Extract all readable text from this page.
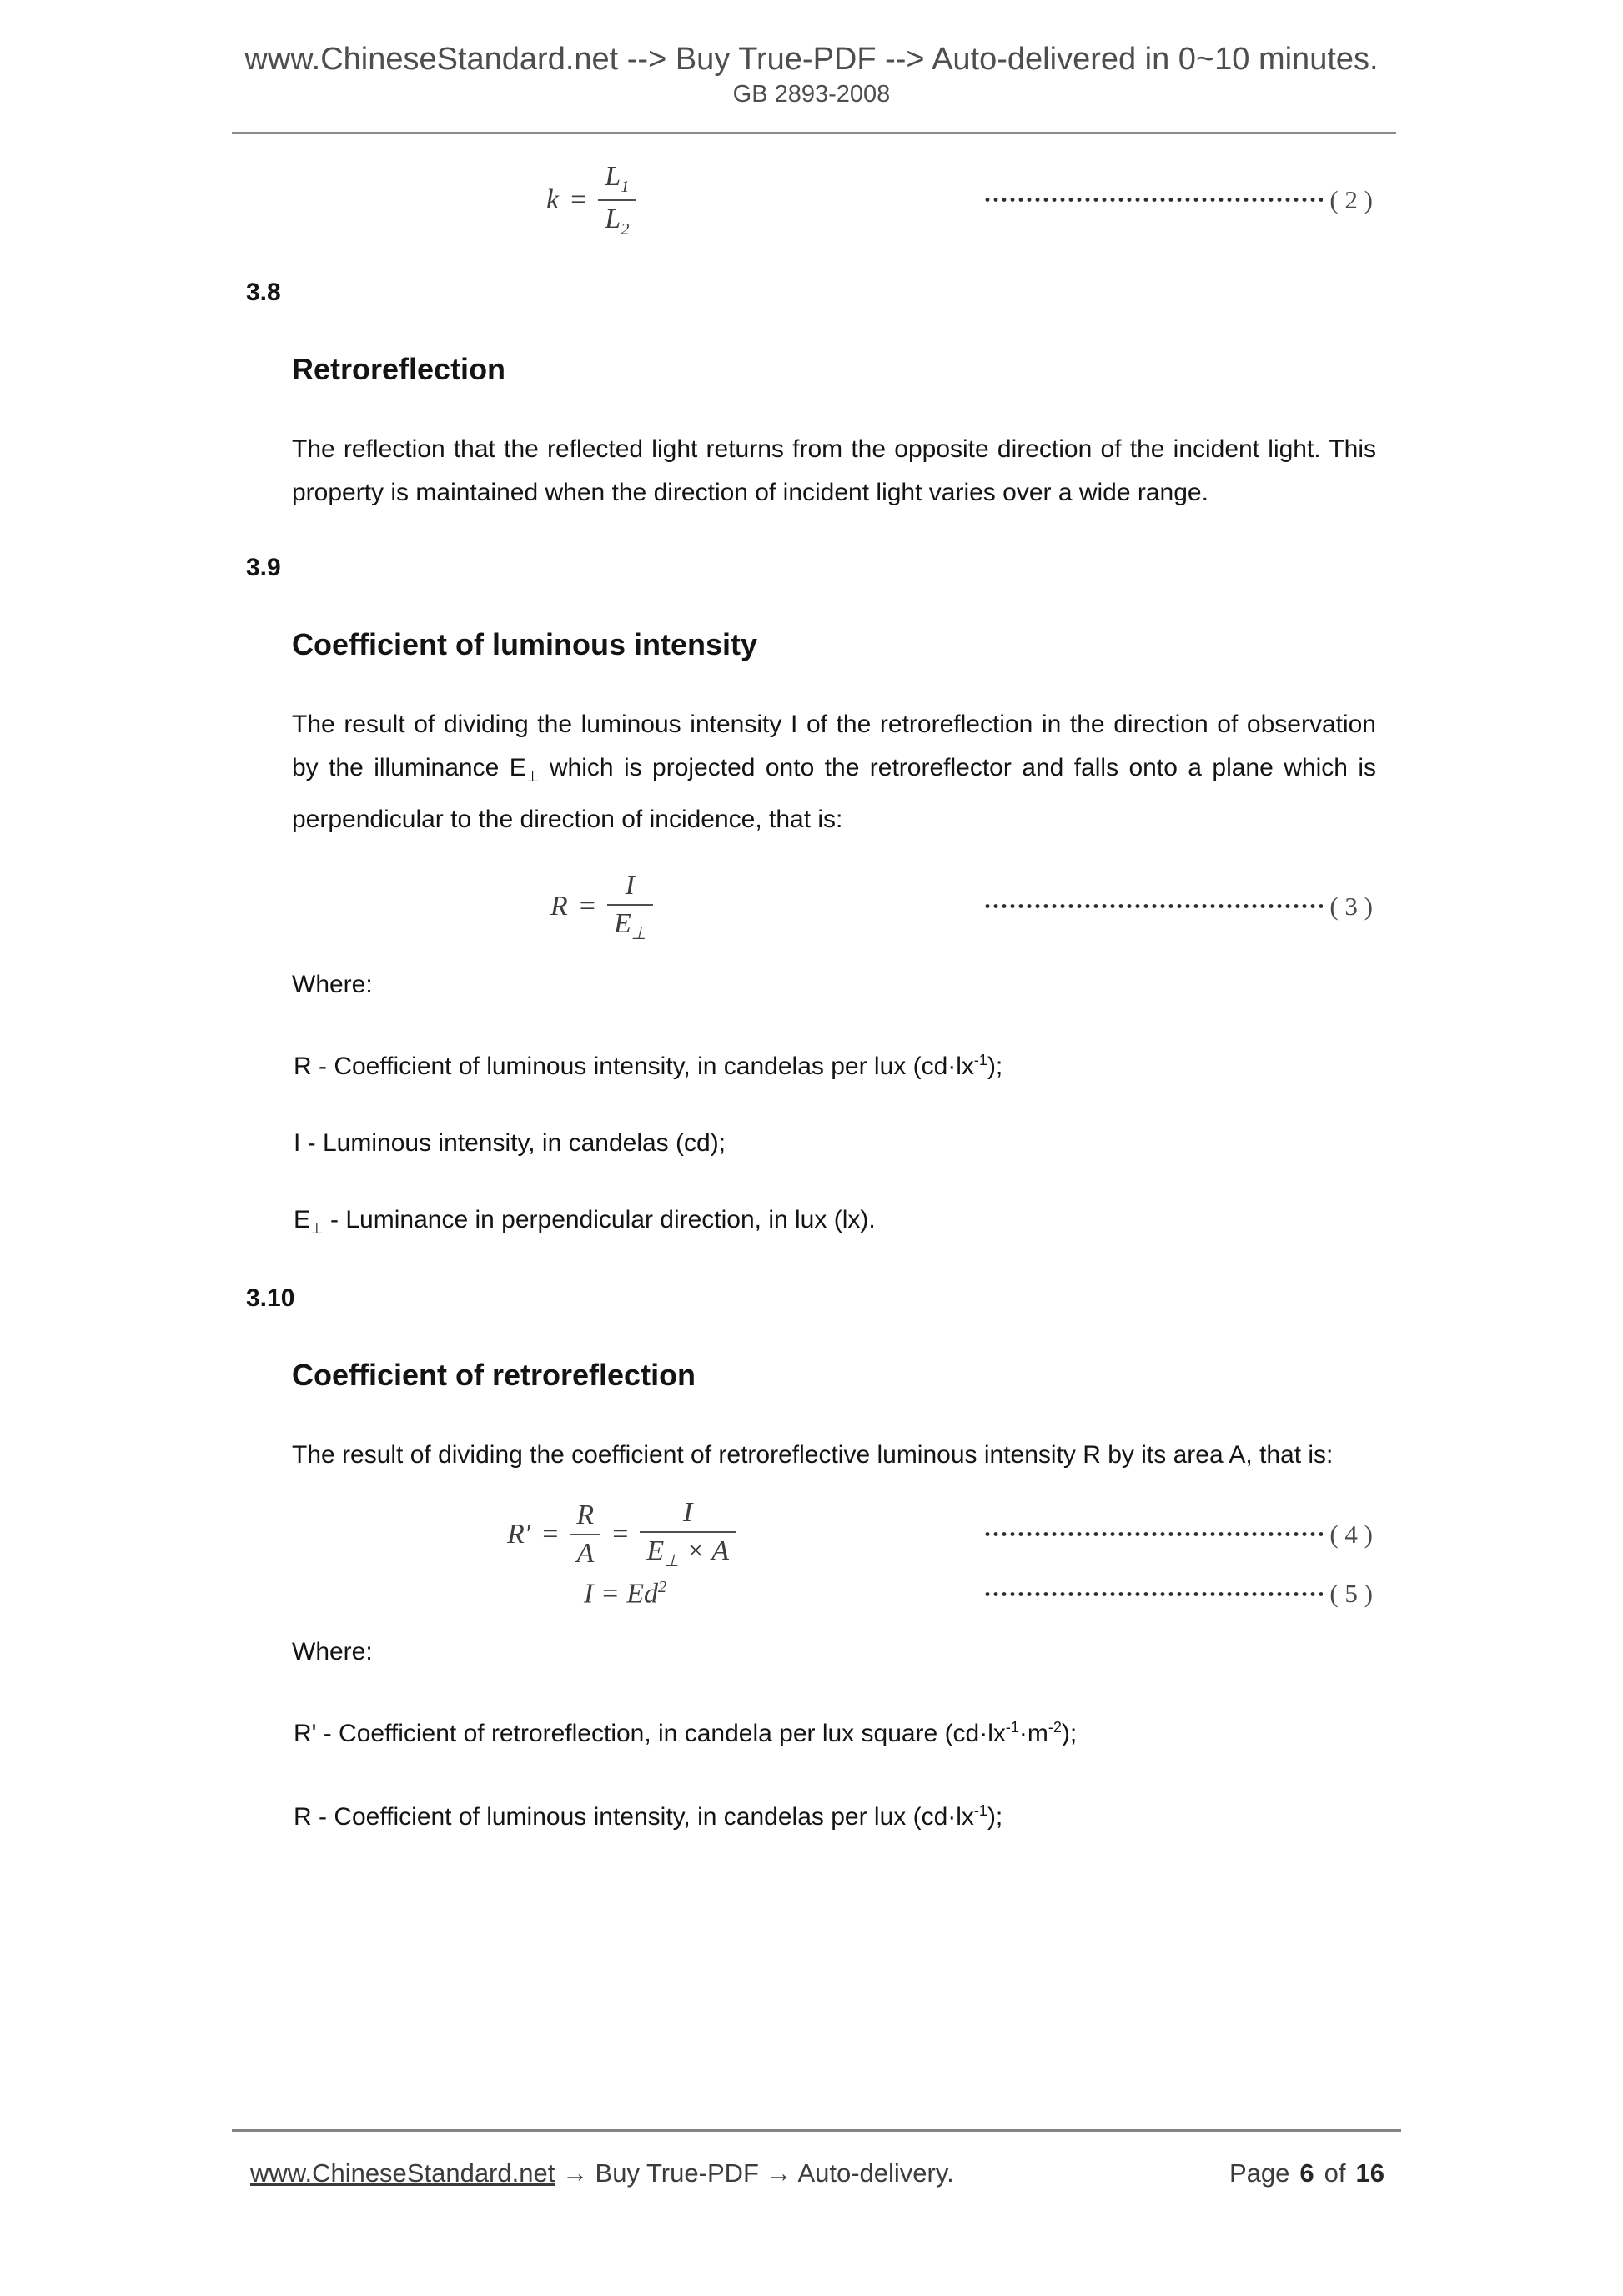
www.ChineseStandard.net --> Buy True-PDF --> Auto-delivered in 0~10 minutes.
GB 2893-2008
$k = \frac{L_1}{L_2}$	( 2 )
3.8
Retroreflection
The reflection that the reflected light returns from the opposite direction of the incident light. This property is maintained when the direction of incident light varies over a wide range.
3.9
Coefficient of luminous intensity
The result of dividing the luminous intensity I of the retroreflection in the direction of observation by the illuminance $E_\perp$ which is projected onto the retroreflector and falls onto a plane which is perpendicular to the direction of incidence, that is:
$R = \frac{I}{E_\perp}$	( 3 )
Where:
R - Coefficient of luminous intensity, in candelas per lux $(cd\cdot lx^{-1})$;
I - Luminous intensity, in candelas (cd);
$E_\perp$ - Luminance in perpendicular direction, in lux (lx).
3.10
Coefficient of retroreflection
The result of dividing the coefficient of retroreflective luminous intensity R by its area A, that is:
$R' = \frac{R}{A} = \frac{I}{E_\perp \times A}$	( 4 )
$I = Ed^2$	( 5 )
Where:
R' - Coefficient of retroreflection, in candela per lux square $(cd\cdot lx^{-1}\cdot m^{-2})$;
R - Coefficient of luminous intensity, in candelas per lux $(cd\cdot lx^{-1})$;
www.ChineseStandard.net → Buy True-PDF → Auto-delivery.	Page 6 of 16
